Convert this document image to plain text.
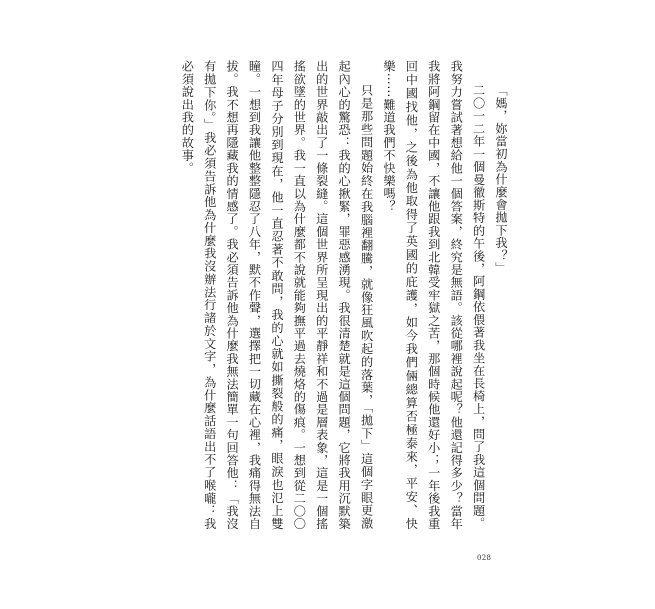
「媽，妳當初為什麼會拋下我？」

二〇一二年一個曼徹斯特的午後，阿鋼依偎著我坐在長椅上，問了我這個問題。我努力嘗試著想給他一個答案，終究是無語。該從哪裡說起呢？他還記得多少？當年我將阿鋼留在中國，不讓他跟我到北韓受牢獄之苦，那個時候他還好小；一年後我重回中國找他，之後為他取得了英國的庇護，如今我們倆總算否極泰來，平安、快樂⋯⋯難道我們不快樂嗎？

只是那些問題始終在我腦裡翻騰，就像狂風吹起的落葉，「拋下」這個字眼更激起內心的驚恐：我的心揪緊，罪惡感湧現。我很清楚就是這個問題，它將我用沉默築出的世界敲出了一條裂縫。這個世界所呈現出的平靜祥和不過是層表象，這是一個搖搖欲墜的世界。我一直以為什麼都不說就能夠撫平過去燒烙的傷痕。一想到從二〇〇四年母子分別到現在，他一直忍著不敢問，我的心就如撕裂般的痛，眼淚也氾上雙瞳。一想到我讓他整整隱忍了八年，默不作聲，選擇把一切藏在心裡，我痛得無法自拔。我不想再隱藏我的情感了。我必須告訴他為什麼我無法簡單一句回答他：「我沒有拋下你。」我必須告訴他為什麼我沒辦法行諸於文字，為什麼話語出不了喉嚨：我必須說出我的故事。

028
